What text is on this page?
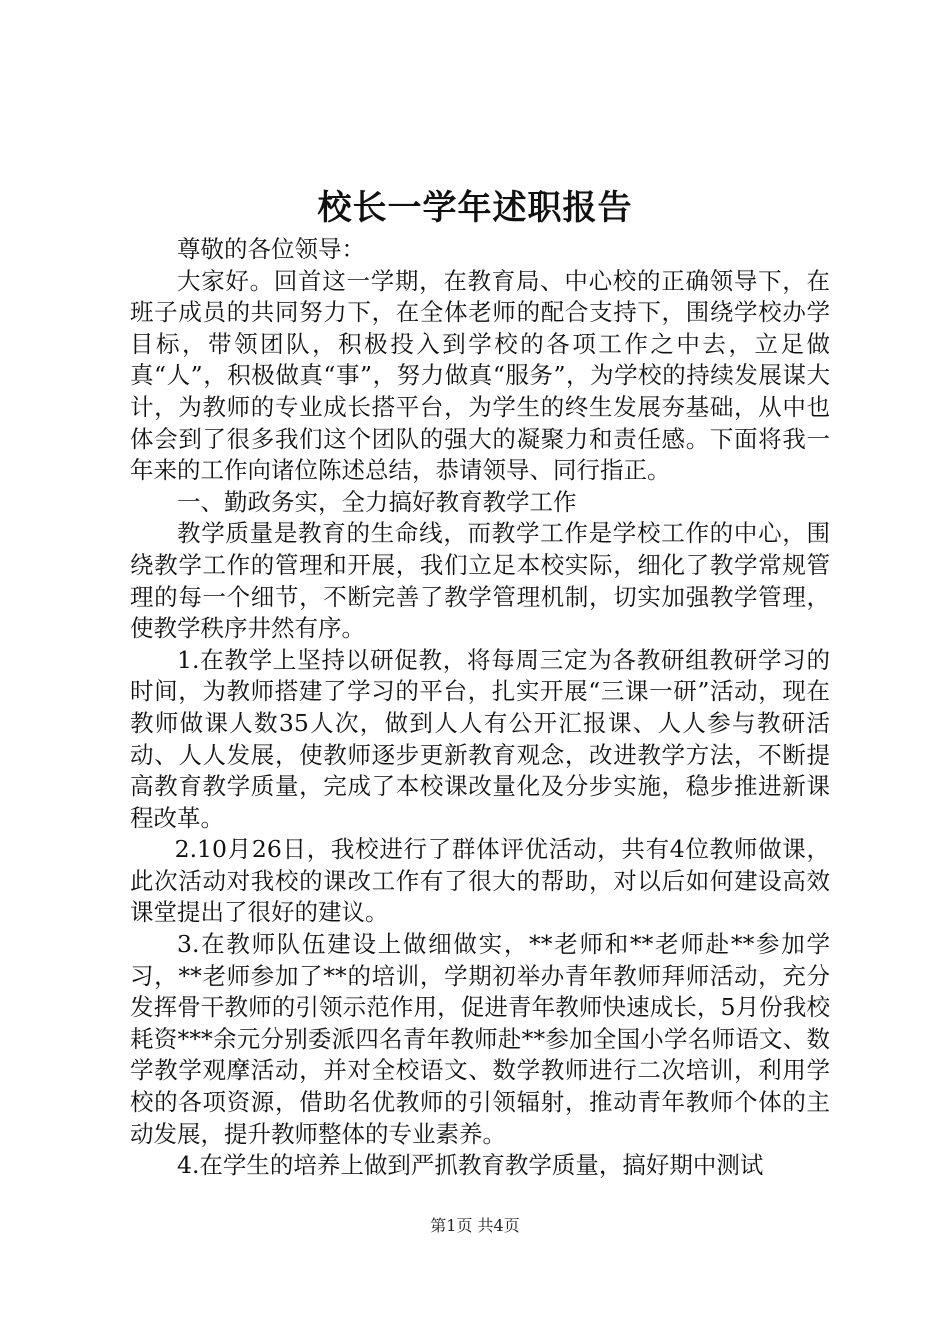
校长一学年述职报告

尊敬的各位领导：

大家好。回首这一学期，在教育局、中心校的正确领导下，在班子成员的共同努力下，在全体老师的配合支持下，围绕学校办学目标，带领团队，积极投入到学校的各项工作之中去，立足做真“人”，积极做真“事”，努力做真“服务”，为学校的持续发展谋大计，为教师的专业成长搭平台，为学生的终生发展夯基础，从中也体会到了很多我们这个团队的强大的凝聚力和责任感。下面将我一年来的工作向诸位陈述总结，恭请领导、同行指正。

一、勤政务实，全力搞好教育教学工作

教学质量是教育的生命线，而教学工作是学校工作的中心，围绕教学工作的管理和开展，我们立足本校实际，细化了教学常规管理的每一个细节，不断完善了教学管理机制，切实加强教学管理，使教学秩序井然有序。

1.在教学上坚持以研促教，将每周三定为各教研组教研学习的时间，为教师搭建了学习的平台，扎实开展“三课一研”活动，现在教师做课人数35人次，做到人人有公开汇报课、人人参与教研活动、人人发展，使教师逐步更新教育观念，改进教学方法，不断提高教育教学质量，完成了本校课改量化及分步实施，稳步推进新课程改革。

2.10月26日，我校进行了群体评优活动，共有4位教师做课，此次活动对我校的课改工作有了很大的帮助，对以后如何建设高效课堂提出了很好的建议。

3.在教师队伍建设上做细做实，**老师和**老师赴**参加学习，**老师参加了**的培训，学期初举办青年教师拜师活动，充分发挥骨干教师的引领示范作用，促进青年教师快速成长，5月份我校耗资***余元分别委派四名青年教师赴**参加全国小学名师语文、数学教学观摩活动，并对全校语文、数学教师进行二次培训，利用学校的各项资源，借助名优教师的引领辐射，推动青年教师个体的主动发展，提升教师整体的专业素养。

4.在学生的培养上做到严抓教育教学质量，搞好期中测试

第1页 共4页
